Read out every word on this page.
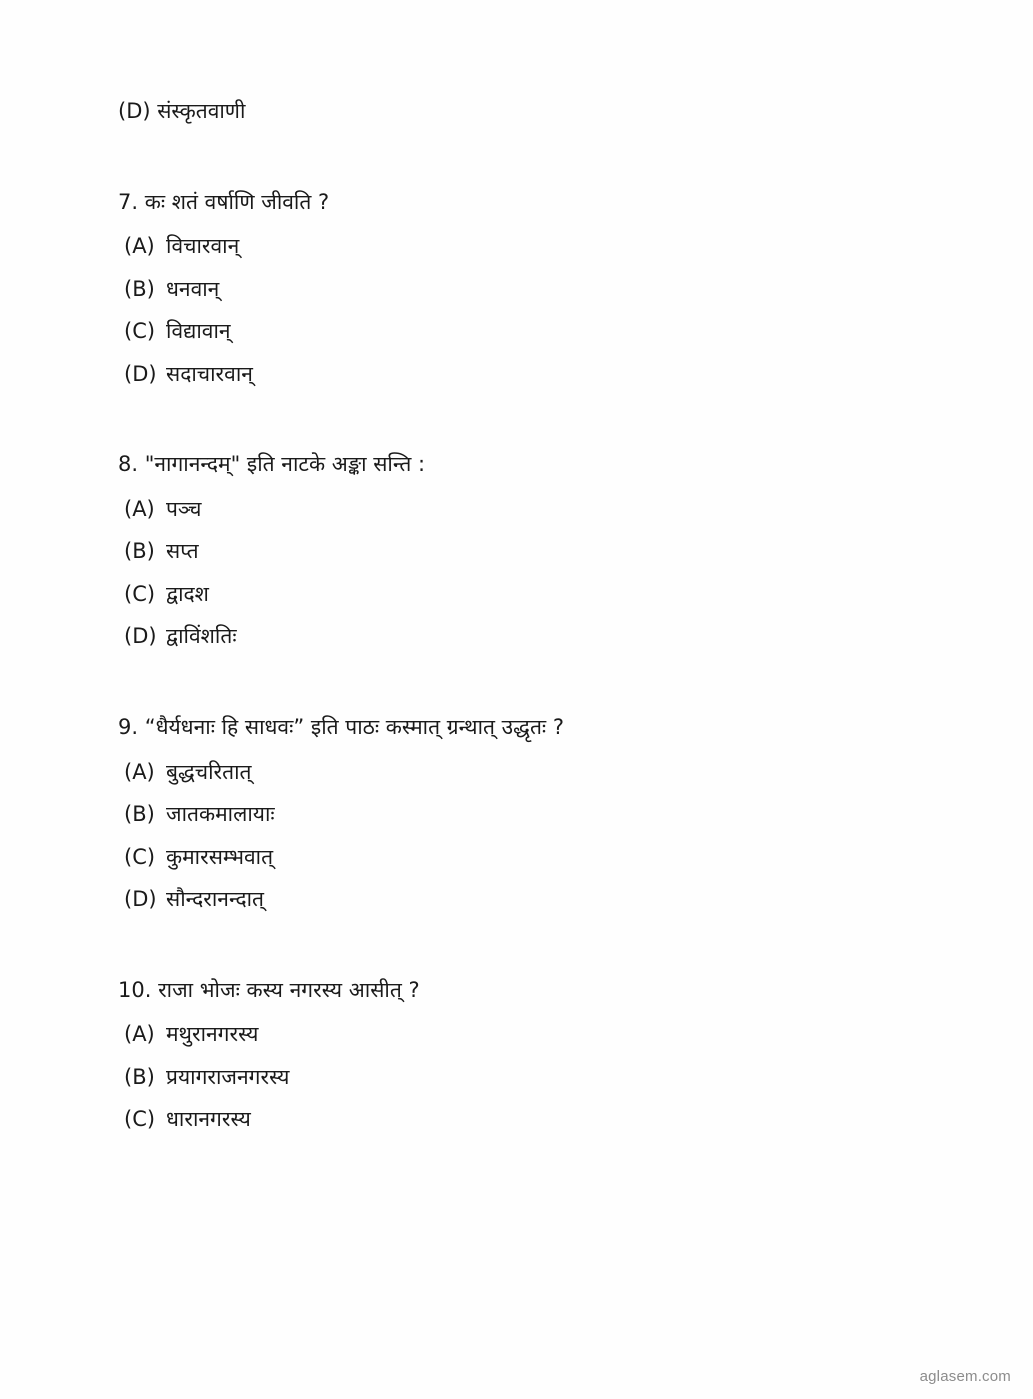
(D) संस्कृतवाणी

7. कः शतं वर्षाणि जीवति ?

(A) विचारवान्

(B) धनवान्

(C) विद्यावान्

(D) सदाचारवान्

8. "नागानन्दम्" इति नाटके अङ्का सन्ति :

(A) पञ्च

(B) सप्त

(C) द्वादश

(D) द्वाविंशतिः

9. “धैर्यधनाः हि साधवः” इति पाठः कस्मात् ग्रन्थात् उद्धृतः ?

(A) बुद्धचरितात्

(B) जातकमालायाः

(C) कुमारसम्भवात्

(D) सौन्दरानन्दात्

10. राजा भोजः कस्य नगरस्य आसीत् ?

(A) मथुरानगरस्य

(B) प्रयागराजनगरस्य

(C) धारानगरस्य

aglasem.com
